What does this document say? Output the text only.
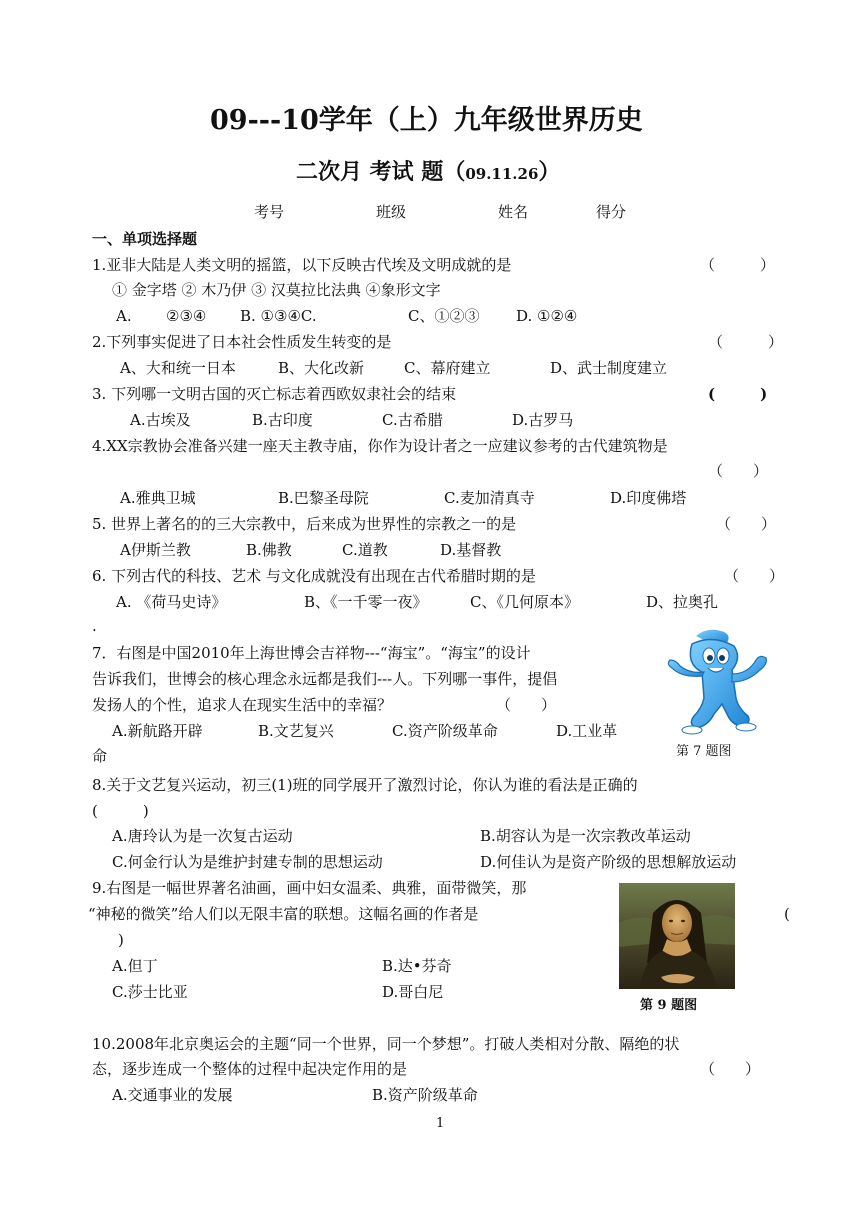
09---10学年（上）九年级世界历史
二次月 考试 题（09.11.26）
考号	班级	姓名	得分
一、单项选择题
1.亚非大陆是人类文明的摇篮，以下反映古代埃及文明成就的是	（　　　）
① 金字塔 ② 木乃伊 ③ 汉莫拉比法典 ④象形文字
A. ②③④ B. ①③④C.	C、①②③ D. ①②④
2.下列事实促进了日本社会性质发生转变的是	（　　　）
A、大和统一日本	B、大化改新	C、幕府建立	D、武士制度建立
3. 下列哪一文明古国的灭亡标志着西欧奴隶社会的结束	(　　　)
A.古埃及	B.古印度	C.古希腊	D.古罗马
4.XX宗教协会准备兴建一座天主教寺庙，你作为设计者之一应建议参考的古代建筑物是
（　　）
A.雅典卫城	B.巴黎圣母院	C.麦加清真寺	D.印度佛塔
5. 世界上著名的的三大宗教中，后来成为世界性的宗教之一的是	（　　）
A伊斯兰教	B.佛教	C.道教	D.基督教
6. 下列古代的科技、艺术 与文化成就没有出现在古代希腊时期的是	（　　）
A. 《荷马史诗》	B、《一千零一夜》	C、《几何原本》	D、拉奥孔
.
7．右图是中国2010年上海世博会吉祥物---“海宝”。“海宝”的设计
告诉我们，世博会的核心理念永远都是我们---人。下列哪一事件，提倡
发扬人的个性，追求人在现实生活中的幸福？	（　　）
A.新航路开辟	B.文艺复兴	C.资产阶级革命	D.工业革
命	第 7 题图
8.关于文艺复兴运动，初三(1)班的同学展开了激烈讨论，你认为谁的看法是正确的
(　　　)
A.唐玲认为是一次复古运动	B.胡容认为是一次宗教改革运动
C.何金行认为是维护封建专制的思想运动	D.何佳认为是资产阶级的思想解放运动
9.右图是一幅世界著名油画，画中妇女温柔、典雅，面带微笑，那
“神秘的微笑”给人们以无限丰富的联想。这幅名画的作者是	(
)
A.但丁	B.达•芬奇
C.莎士比亚	D.哥白尼
第 9 题图
10.2008年北京奥运会的主题“同一个世界，同一个梦想”。打破人类相对分散、隔绝的状
态，逐步连成一个整体的过程中起决定作用的是	（　　）
A.交通事业的发展	B.资产阶级革命
1
